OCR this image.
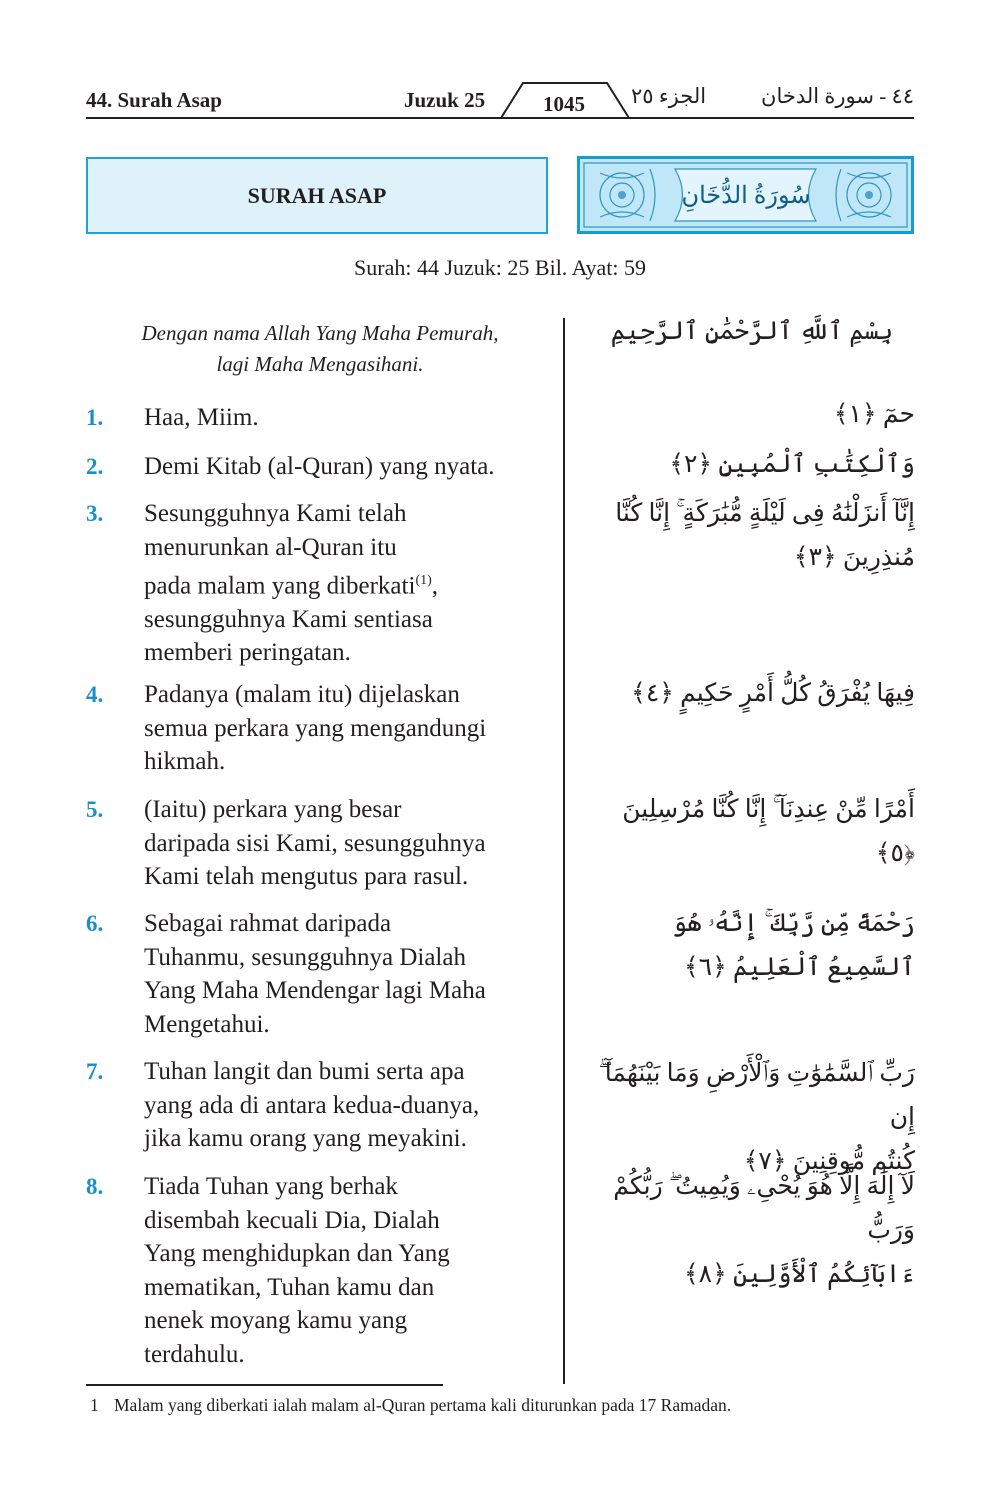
44. Surah Asap	Juzuk 25	1045	الجزء ٢٥	٤٤ - سورة الدخان
SURAH ASAP	سُورَةُ الدُّخَانِ
Surah: 44 Juzuk: 25 Bil. Ayat: 59
Dengan nama Allah Yang Maha Pemurah,
lagi Maha Mengasihani.
بِسْمِ ٱللَّهِ ٱلرَّحْمَٰنِ ٱلرَّحِيمِ
1. Haa, Miim.	حمٓ ﴿١﴾
2. Demi Kitab (al-Quran) yang nyata.	وَٱلْكِتَٰبِ ٱلْمُبِينِ ﴿٢﴾
3. Sesungguhnya Kami telah
menurunkan al-Quran itu
pada malam yang diberkati$^{(1)}$,
sesungguhnya Kami sentiasa
memberi peringatan.
إِنَّآ أَنزَلْنَٰهُ فِى لَيْلَةٍ مُّبَٰرَكَةٍ ۚ إِنَّا كُنَّا
مُنذِرِينَ ﴿٣﴾
4. Padanya (malam itu) dijelaskan
semua perkara yang mengandungi
hikmah.
فِيهَا يُفْرَقُ كُلُّ أَمْرٍ حَكِيمٍ ﴿٤﴾
5. (Iaitu) perkara yang besar
daripada sisi Kami, sesungguhnya
Kami telah mengutus para rasul.
أَمْرًا مِّنْ عِندِنَآ ۚ إِنَّا كُنَّا مُرْسِلِينَ ﴿٥﴾
6. Sebagai rahmat daripada
Tuhanmu, sesungguhnya Dialah
Yang Maha Mendengar lagi Maha
Mengetahui.
رَحْمَةً مِّن رَّبِّكَ ۚ إِنَّهُۥ هُوَ ٱلسَّمِيعُ ٱلْعَلِيمُ ﴿٦﴾
7. Tuhan langit dan bumi serta apa
yang ada di antara kedua-duanya,
jika kamu orang yang meyakini.
رَبِّ ٱلسَّمَٰوَٰتِ وَٱلْأَرْضِ وَمَا بَيْنَهُمَآ ۖ إِن
كُنتُم مُّوقِنِينَ ﴿٧﴾
8. Tiada Tuhan yang berhak
disembah kecuali Dia, Dialah
Yang menghidupkan dan Yang
mematikan, Tuhan kamu dan
nenek moyang kamu yang
terdahulu.
لَآ إِلَٰهَ إِلَّا هُوَ يُحْىِۦ وَيُمِيتُ ۖ رَبُّكُمْ وَرَبُّ
ءَابَآئِكُمُ ٱلْأَوَّلِينَ ﴿٨﴾
1 Malam yang diberkati ialah malam al-Quran pertama kali diturunkan pada 17 Ramadan.
